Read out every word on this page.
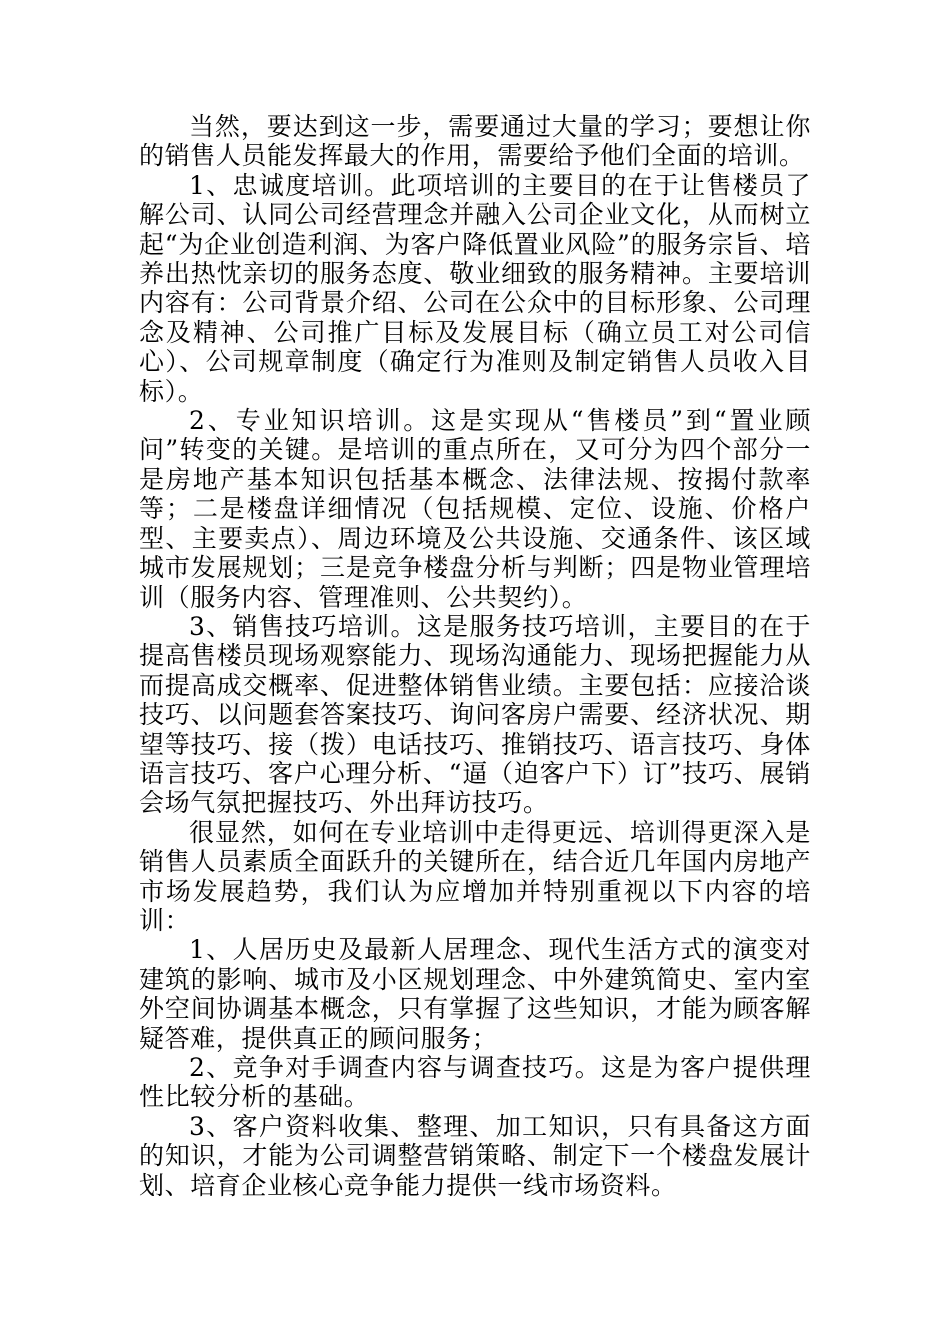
当然，要达到这一步，需要通过大量的学习；要想让你的销售人员能发挥最大的作用，需要给予他们全面的培训。

1、忠诚度培训。此项培训的主要目的在于让售楼员了解公司、认同公司经营理念并融入公司企业文化，从而树立起“为企业创造利润、为客户降低置业风险”的服务宗旨、培养出热忱亲切的服务态度、敬业细致的服务精神。主要培训内容有：公司背景介绍、公司在公众中的目标形象、公司理念及精神、公司推广目标及发展目标（确立员工对公司信心）、公司规章制度（确定行为准则及制定销售人员收入目标）。

2、专业知识培训。这是实现从“售楼员”到“置业顾问”转变的关键。是培训的重点所在，又可分为四个部分一是房地产基本知识包括基本概念、法律法规、按揭付款率等；二是楼盘详细情况（包括规模、定位、设施、价格户型、主要卖点）、周边环境及公共设施、交通条件、该区域城市发展规划；三是竞争楼盘分析与判断；四是物业管理培训（服务内容、管理准则、公共契约）。

3、销售技巧培训。这是服务技巧培训，主要目的在于提高售楼员现场观察能力、现场沟通能力、现场把握能力从而提高成交概率、促进整体销售业绩。主要包括：应接洽谈技巧、以问题套答案技巧、询问客房户需要、经济状况、期望等技巧、接（拨）电话技巧、推销技巧、语言技巧、身体语言技巧、客户心理分析、“逼（迫客户下）订”技巧、展销会场气氛把握技巧、外出拜访技巧。

很显然，如何在专业培训中走得更远、培训得更深入是销售人员素质全面跃升的关键所在，结合近几年国内房地产市场发展趋势，我们认为应增加并特别重视以下内容的培训：

1、人居历史及最新人居理念、现代生活方式的演变对建筑的影响、城市及小区规划理念、中外建筑简史、室内室外空间协调基本概念，只有掌握了这些知识，才能为顾客解疑答难，提供真正的顾问服务；

2、竞争对手调查内容与调查技巧。这是为客户提供理性比较分析的基础。

3、客户资料收集、整理、加工知识，只有具备这方面的知识，才能为公司调整营销策略、制定下一个楼盘发展计划、培育企业核心竞争能力提供一线市场资料。
